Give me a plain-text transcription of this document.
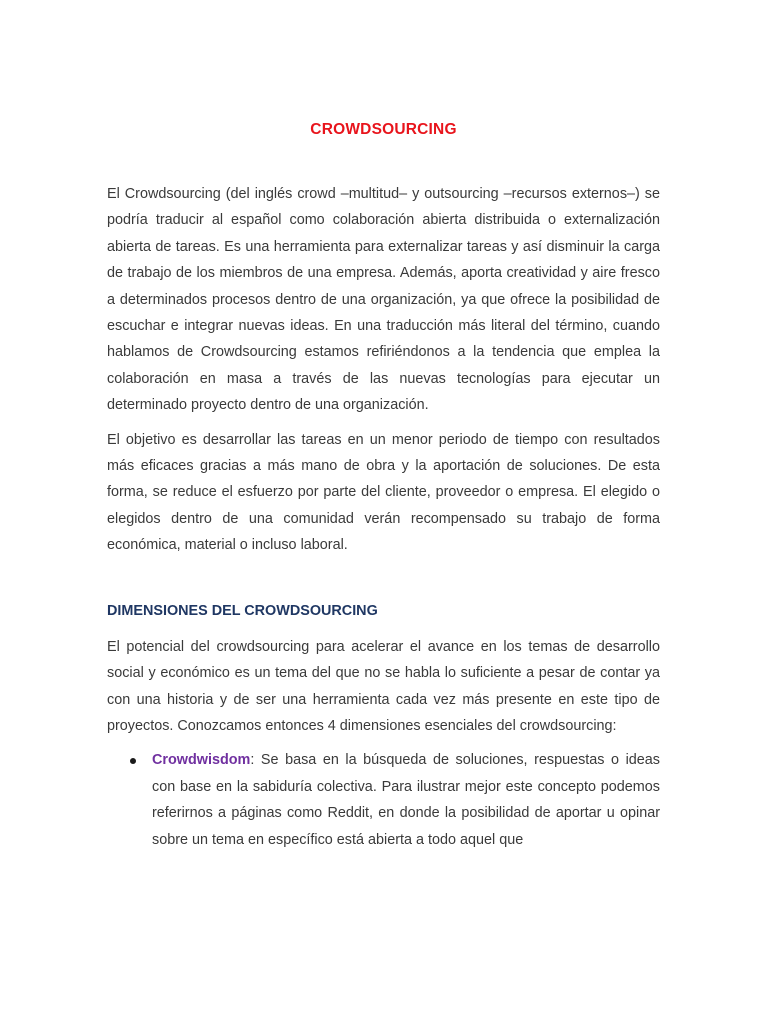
CROWDSOURCING

El Crowdsourcing (del inglés crowd –multitud– y outsourcing –recursos externos–) se podría traducir al español como colaboración abierta distribuida o externalización abierta de tareas. Es una herramienta para externalizar tareas y así disminuir la carga de trabajo de los miembros de una empresa. Además, aporta creatividad y aire fresco a determinados procesos dentro de una organización, ya que ofrece la posibilidad de escuchar e integrar nuevas ideas. En una traducción más literal del término, cuando hablamos de Crowdsourcing estamos refiriéndonos a la tendencia que emplea la colaboración en masa a través de las nuevas tecnologías para ejecutar un determinado proyecto dentro de una organización.

El objetivo es desarrollar las tareas en un menor periodo de tiempo con resultados más eficaces gracias a más mano de obra y la aportación de soluciones. De esta forma, se reduce el esfuerzo por parte del cliente, proveedor o empresa. El elegido o elegidos dentro de una comunidad verán recompensado su trabajo de forma económica, material o incluso laboral.

DIMENSIONES DEL CROWDSOURCING

El potencial del crowdsourcing para acelerar el avance en los temas de desarrollo social y económico es un tema del que no se habla lo suficiente a pesar de contar ya con una historia y de ser una herramienta cada vez más presente en este tipo de proyectos. Conozcamos entonces 4 dimensiones esenciales del crowdsourcing:

Crowdwisdom: Se basa en la búsqueda de soluciones, respuestas o ideas con base en la sabiduría colectiva. Para ilustrar mejor este concepto podemos referirnos a páginas como Reddit, en donde la posibilidad de aportar u opinar sobre un tema en específico está abierta a todo aquel que
